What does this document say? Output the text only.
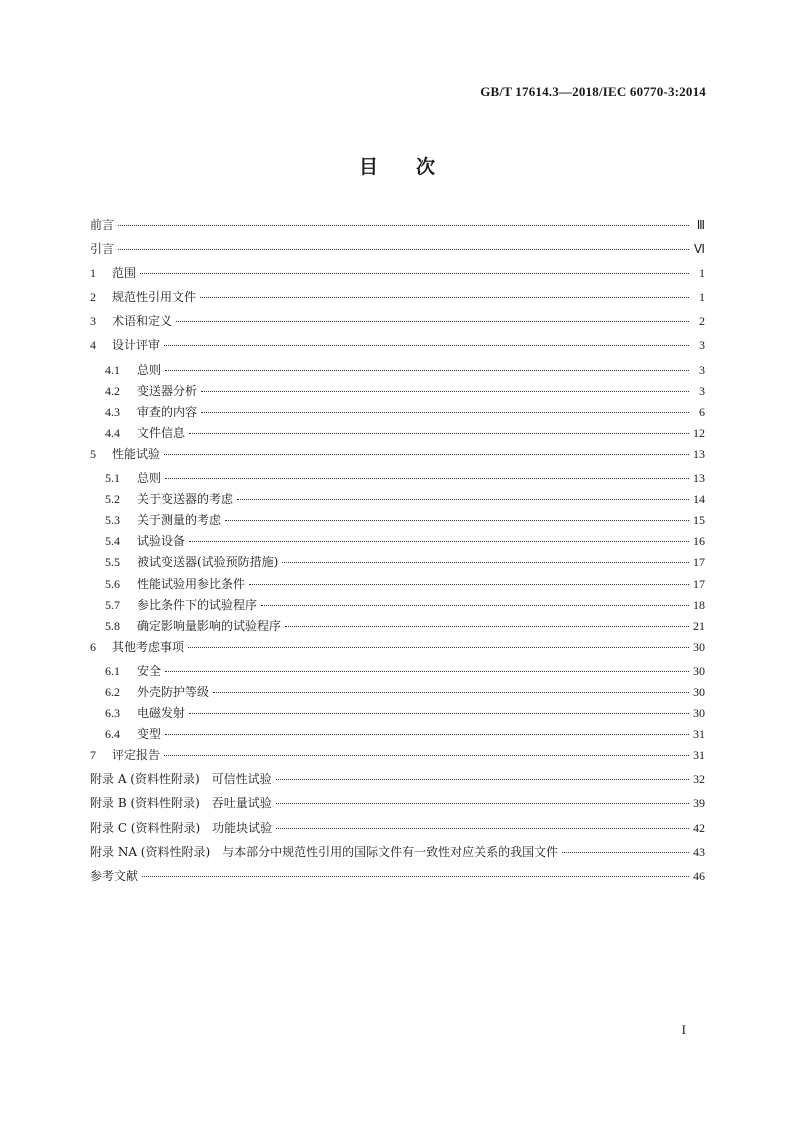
GB/T 17614.3—2018/IEC 60770-3:2014
目　　次
前言	Ⅲ
引言	Ⅵ
1 范围	1
2 规范性引用文件	1
3 术语和定义	2
4 设计评审	3
4.1 总则	3
4.2 变送器分析	3
4.3 审查的内容	6
4.4 文件信息	12
5 性能试验	13
5.1 总则	13
5.2 关于变送器的考虑	14
5.3 关于测量的考虑	15
5.4 试验设备	16
5.5 被试变送器(试验预防措施)	17
5.6 性能试验用参比条件	17
5.7 参比条件下的试验程序	18
5.8 确定影响量影响的试验程序	21
6 其他考虑事项	30
6.1 安全	30
6.2 外壳防护等级	30
6.3 电磁发射	30
6.4 变型	31
7 评定报告	31
附录 A (资料性附录)　可信性试验	32
附录 B (资料性附录)　吞吐量试验	39
附录 C (资料性附录)　功能块试验	42
附录 NA (资料性附录)　与本部分中规范性引用的国际文件有一致性对应关系的我国文件	43
参考文献	46
I
